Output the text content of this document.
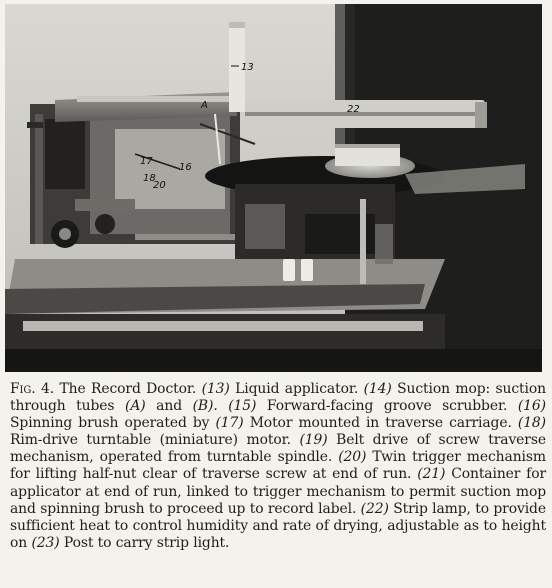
13
22
A
17
16
20
18
Fig. 4. The Record Doctor. (13) Liquid applicator. (14) Suction mop: suction through tubes (A) and (B). (15) Forward-facing groove scrubber. (16) Spinning brush operated by (17) Motor mounted in traverse carriage. (18) Rim-drive turntable (miniature) motor. (19) Belt drive of screw traverse mechanism, operated from turntable spindle. (20) Twin trigger mechanism for lifting half-nut clear of traverse screw at end of run. (21) Container for applicator at end of run, linked to trigger mechanism to permit suction mop and spinning brush to proceed up to record label. (22) Strip lamp, to provide sufficient heat to control humidity and rate of drying, adjustable as to height on (23) Post to carry strip light.
